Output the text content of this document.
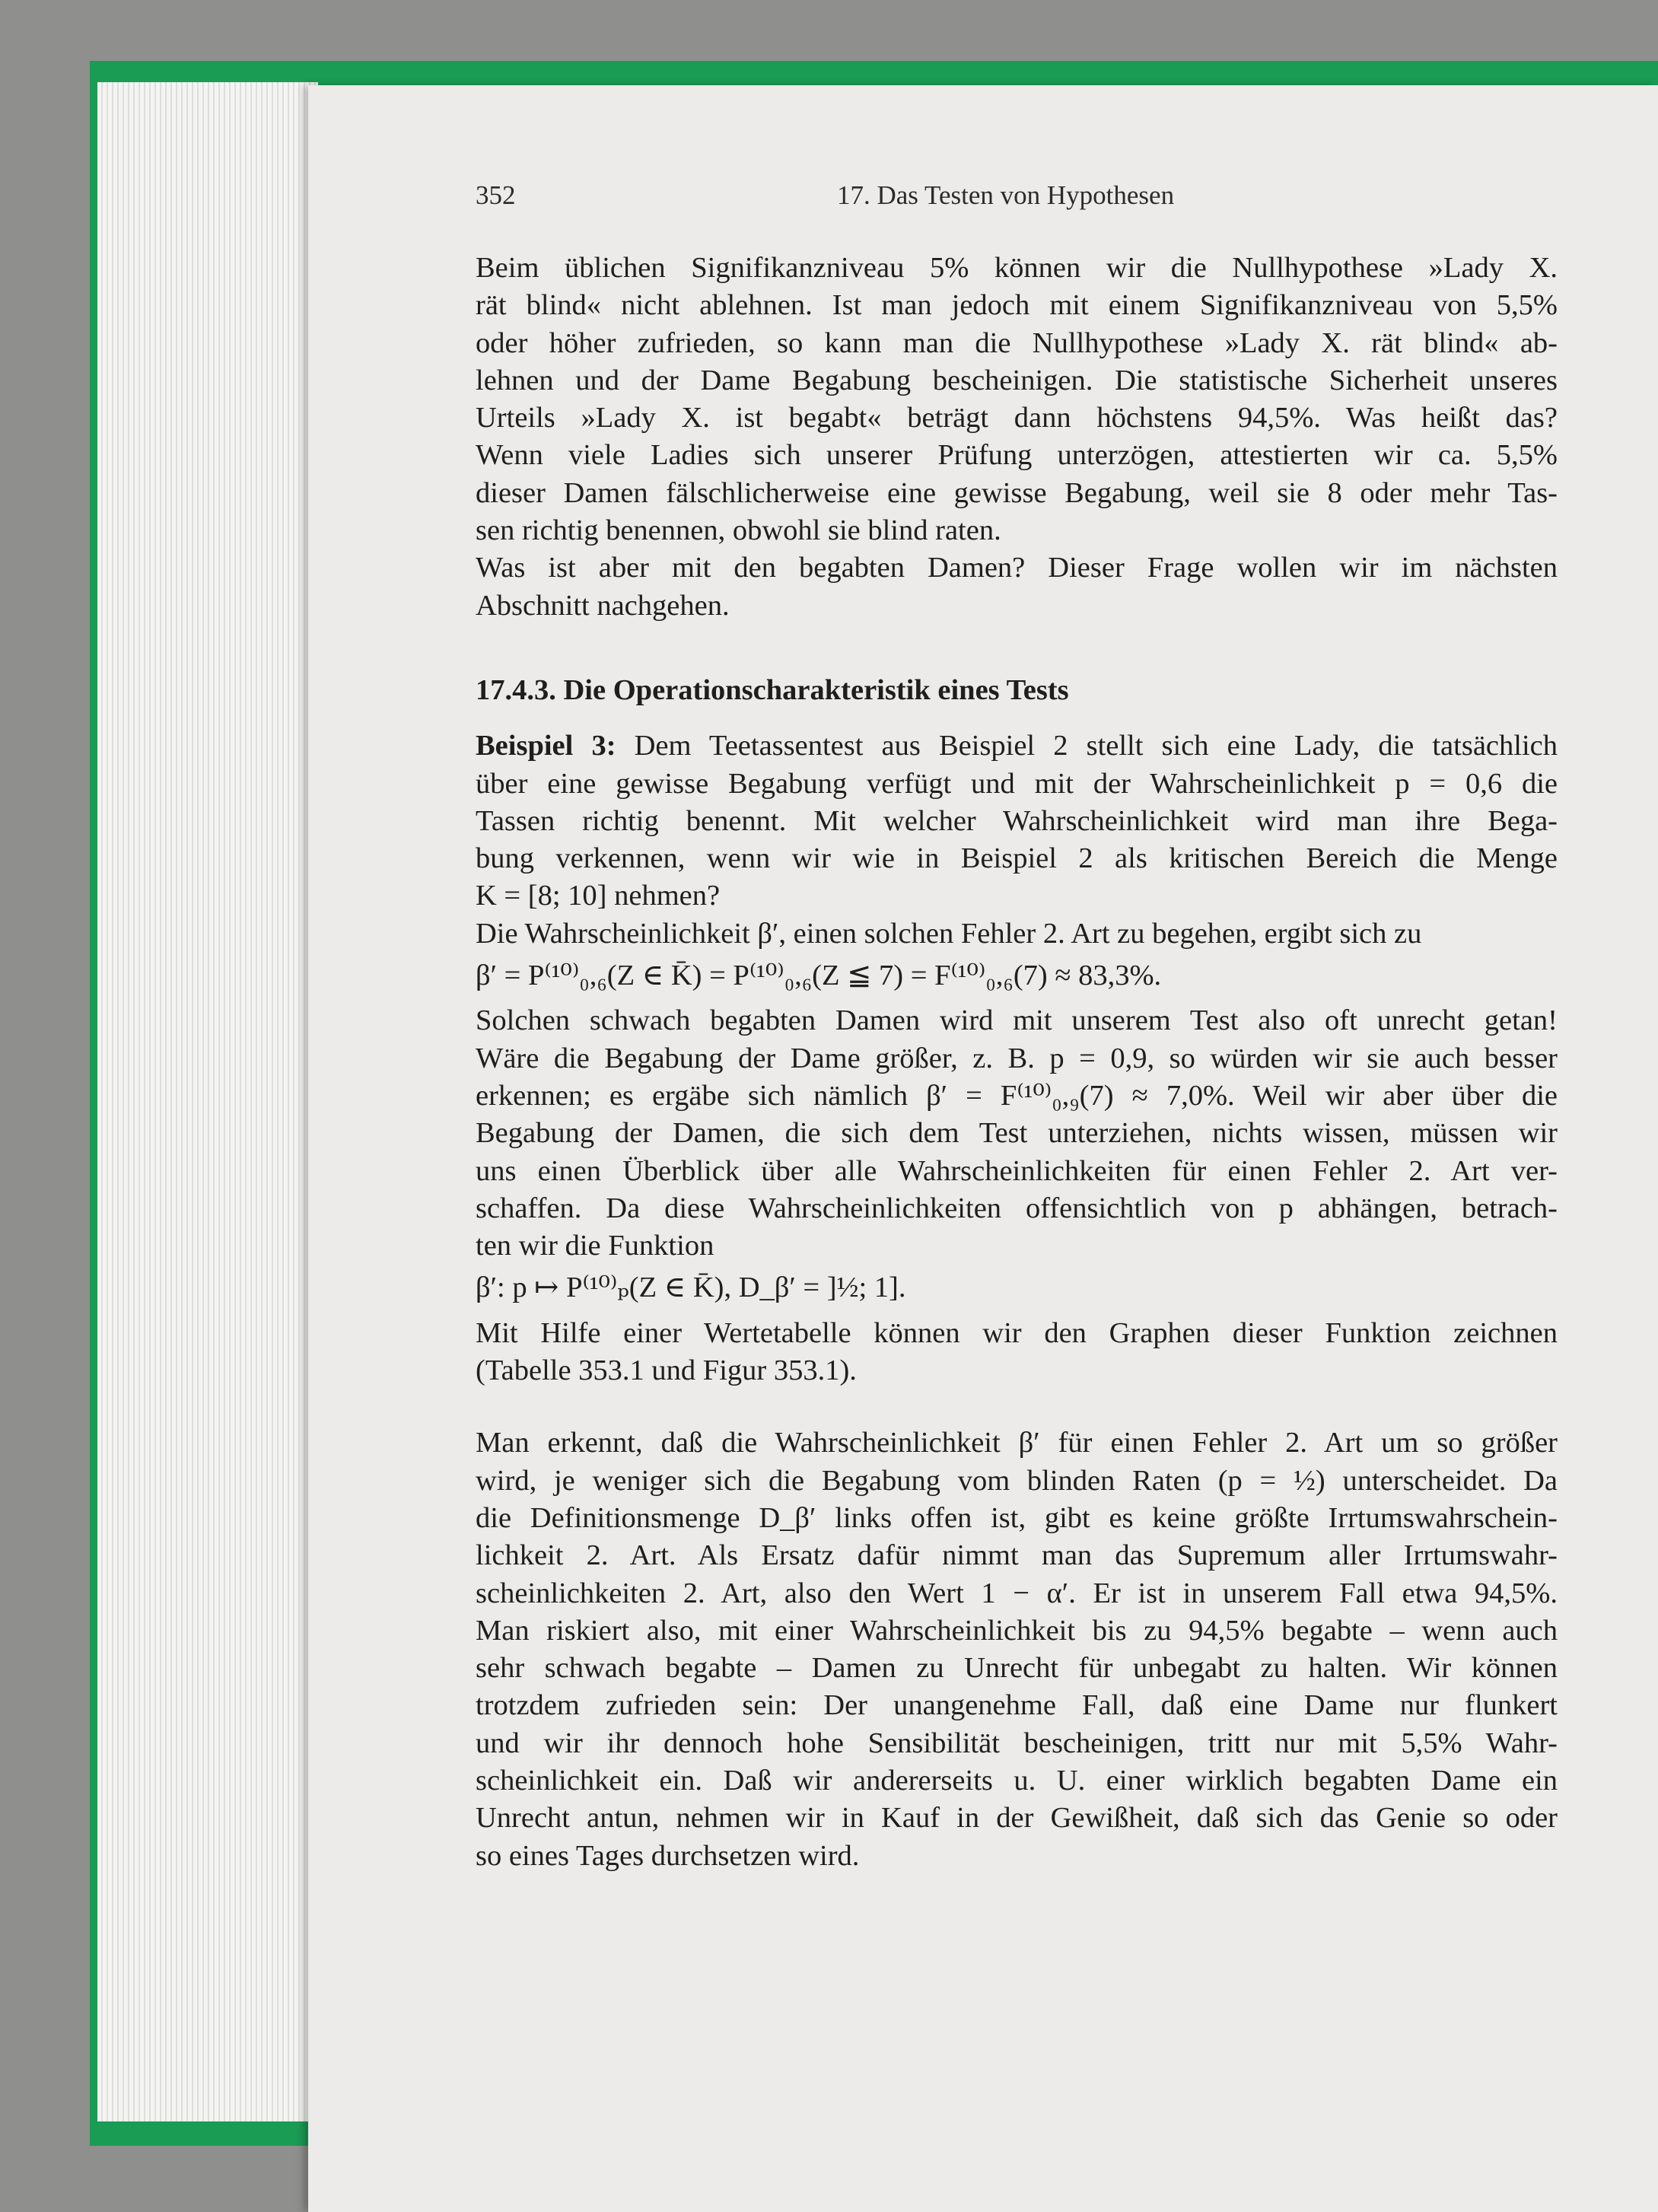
352	17. Das Testen von Hypothesen
Beim üblichen Signifikanzniveau 5% können wir die Nullhypothese »Lady X.
rät blind« nicht ablehnen. Ist man jedoch mit einem Signifikanzniveau von 5,5%
oder höher zufrieden, so kann man die Nullhypothese »Lady X. rät blind« ab-
lehnen und der Dame Begabung bescheinigen. Die statistische Sicherheit unseres
Urteils »Lady X. ist begabt« beträgt dann höchstens 94,5%. Was heißt das?
Wenn viele Ladies sich unserer Prüfung unterzögen, attestierten wir ca. 5,5%
dieser Damen fälschlicherweise eine gewisse Begabung, weil sie 8 oder mehr Tas-
sen richtig benennen, obwohl sie blind raten.
Was ist aber mit den begabten Damen? Dieser Frage wollen wir im nächsten
Abschnitt nachgehen.
17.4.3. Die Operationscharakteristik eines Tests
Beispiel 3: Dem Teetassentest aus Beispiel 2 stellt sich eine Lady, die tatsächlich
über eine gewisse Begabung verfügt und mit der Wahrscheinlichkeit p = 0,6 die
Tassen richtig benennt. Mit welcher Wahrscheinlichkeit wird man ihre Bega-
bung verkennen, wenn wir wie in Beispiel 2 als kritischen Bereich die Menge
K = [8; 10] nehmen?
Die Wahrscheinlichkeit β′, einen solchen Fehler 2. Art zu begehen, ergibt sich zu
β′ = P⁽¹⁰⁾₀,₆(Z ∈ K̄) = P⁽¹⁰⁾₀,₆(Z ≦ 7) = F⁽¹⁰⁾₀,₆(7) ≈ 83,3%.
Solchen schwach begabten Damen wird mit unserem Test also oft unrecht getan!
Wäre die Begabung der Dame größer, z. B. p = 0,9, so würden wir sie auch besser
erkennen; es ergäbe sich nämlich β′ = F⁽¹⁰⁾₀,₉(7) ≈ 7,0%. Weil wir aber über die
Begabung der Damen, die sich dem Test unterziehen, nichts wissen, müssen wir
uns einen Überblick über alle Wahrscheinlichkeiten für einen Fehler 2. Art ver-
schaffen. Da diese Wahrscheinlichkeiten offensichtlich von p abhängen, betrach-
ten wir die Funktion
β′: p ↦ P⁽¹⁰⁾ₚ(Z ∈ K̄), D_β′ = ]½; 1].
Mit Hilfe einer Wertetabelle können wir den Graphen dieser Funktion zeichnen
(Tabelle 353.1 und Figur 353.1).
Man erkennt, daß die Wahrscheinlichkeit β′ für einen Fehler 2. Art um so größer
wird, je weniger sich die Begabung vom blinden Raten (p = ½) unterscheidet. Da
die Definitionsmenge D_β′ links offen ist, gibt es keine größte Irrtumswahrschein-
lichkeit 2. Art. Als Ersatz dafür nimmt man das Supremum aller Irrtumswahr-
scheinlichkeiten 2. Art, also den Wert 1 − α′. Er ist in unserem Fall etwa 94,5%.
Man riskiert also, mit einer Wahrscheinlichkeit bis zu 94,5% begabte – wenn auch
sehr schwach begabte – Damen zu Unrecht für unbegabt zu halten. Wir können
trotzdem zufrieden sein: Der unangenehme Fall, daß eine Dame nur flunkert
und wir ihr dennoch hohe Sensibilität bescheinigen, tritt nur mit 5,5% Wahr-
scheinlichkeit ein. Daß wir andererseits u. U. einer wirklich begabten Dame ein
Unrecht antun, nehmen wir in Kauf in der Gewißheit, daß sich das Genie so oder
so eines Tages durchsetzen wird.
